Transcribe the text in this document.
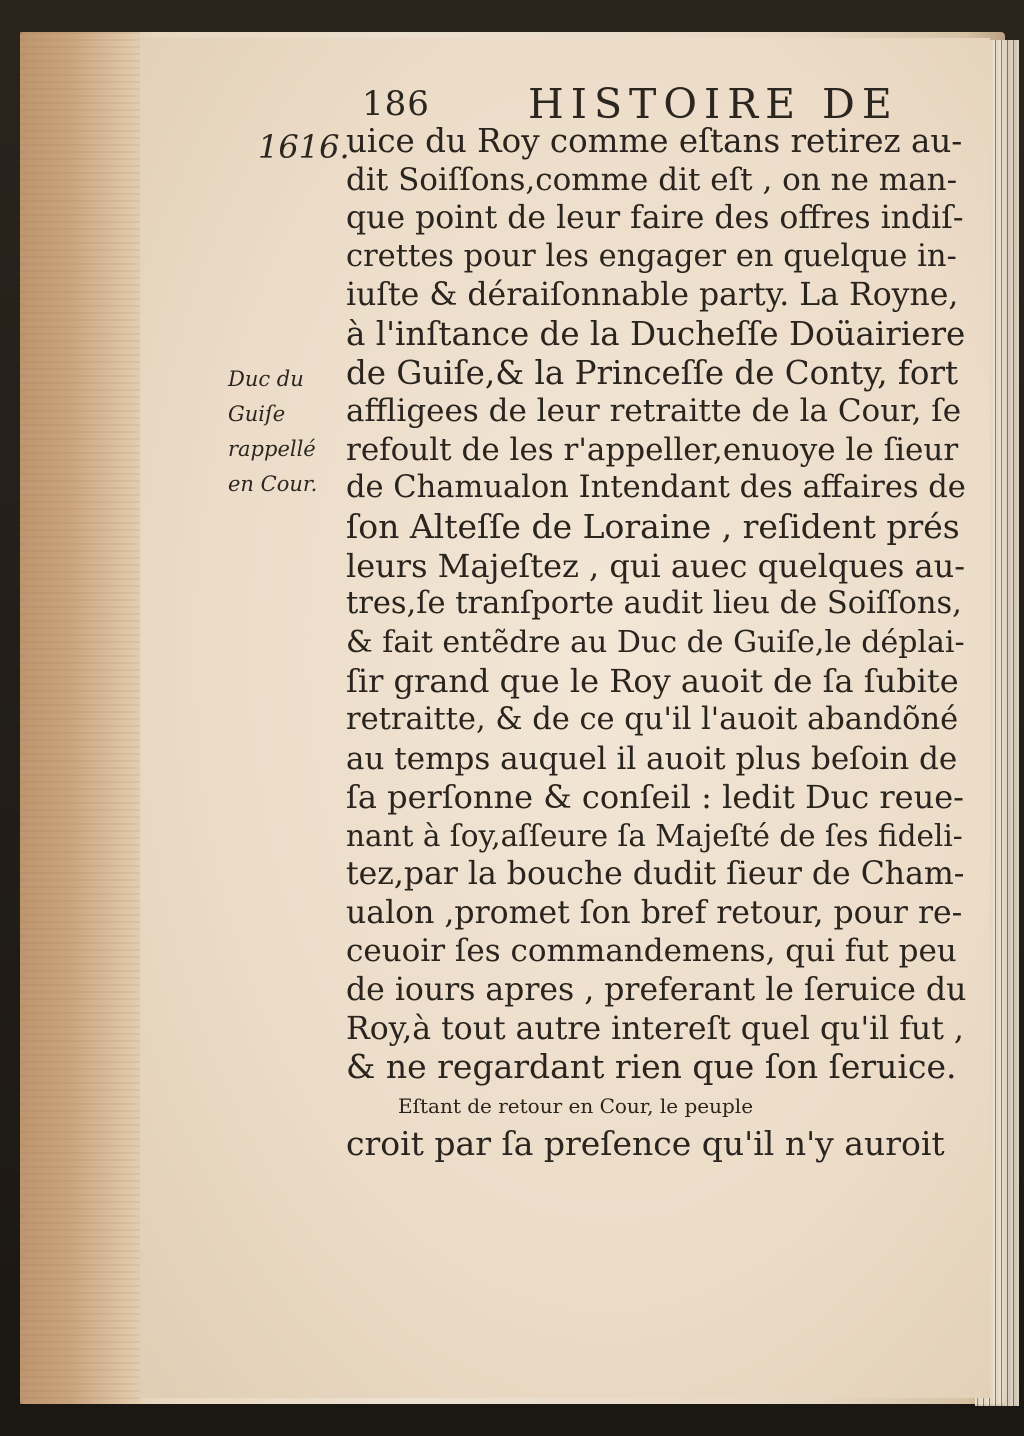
186 HISTOIRE DE
1616.
Duc du
Guiſe
rappellé
en Cour.
uice du Roy comme eſtans retirez au-
dit Soiſſons,comme dit eſt , on ne man-
que point de leur faire des offres indiſ-
crettes pour les engager en quelque in-
iuſte & déraiſonnable party. La Royne,
à l'inſtance de la Ducheſſe Doüairiere
de Guiſe,& la Princeſſe de Conty, fort
affligees de leur retraitte de la Cour, ſe
refoult de les r'appeller,enuoye le ſieur
de Chamualon Intendant des affaires de
ſon Alteſſe de Loraine , reſident prés
leurs Majeſtez , qui auec quelques au-
tres,ſe tranſporte audit lieu de Soiſſons,
& fait entẽdre au Duc de Guiſe,le déplai-
ſir grand que le Roy auoit de ſa ſubite
retraitte, & de ce qu'il l'auoit abandõné
au temps auquel il auoit plus beſoin de
ſa perſonne & conſeil : ledit Duc reue-
nant à ſoy,aſſeure ſa Majeſté de ſes fideli-
tez,par la bouche dudit ſieur de Cham-
ualon ,promet ſon bref retour, pour re-
ceuoir ſes commandemens, qui fut peu
de iours apres , preferant le ſeruice du
Roy,à tout autre intereſt quel qu'il fut ,
& ne regardant rien que ſon ſeruice.
Eſtant de retour en Cour, le peuple
croit par ſa preſence qu'il n'y auroit
